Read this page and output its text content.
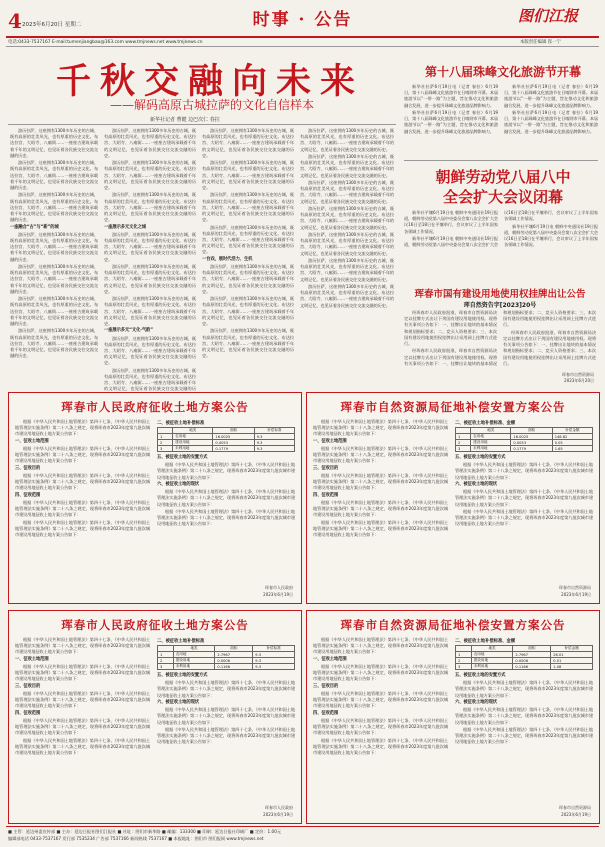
4 2023年6月20日 星期二	时事 · 公告	图们江报
电话:0433-7537167 E-mail:tumenjiangbao@163.com www.tmjnews.net www.tmjnews.cn	本版责任编辑 崔一宁
千秋交融向未来
——解码高原古城拉萨的文化自信样本
新华社记者 曹健 边巴次仁 春拉

游历拉萨，这座拥有1300多年历史的古城，既有高原的壮美风光，也有厚重的历史文化。布达拉宫、大昭寺、八廓街……一座座古建筑承载着千年的文明记忆，也见证着各民族交往交流交融的历史。

游历拉萨，这座拥有1300多年历史的古城，既有高原的壮美风光，也有厚重的历史文化。布达拉宫、大昭寺、八廓街……一座座古建筑承载着千年的文明记忆，也见证着各民族交往交流交融的历史。

游历拉萨，这座拥有1300多年历史的古城，既有高原的壮美风光，也有厚重的历史文化。布达拉宫、大昭寺、八廓街……一座座古建筑承载着千年的文明记忆，也见证着各民族交往交流交融的历史。

一座融合“古”与“新”的城

游历拉萨，这座拥有1300多年历史的古城，既有高原的壮美风光，也有厚重的历史文化。布达拉宫、大昭寺、八廓街……一座座古建筑承载着千年的文明记忆，也见证着各民族交往交流交融的历史。

游历拉萨，这座拥有1300多年历史的古城，既有高原的壮美风光，也有厚重的历史文化。布达拉宫、大昭寺、八廓街……一座座古建筑承载着千年的文明记忆，也见证着各民族交往交流交融的历史。

游历拉萨，这座拥有1300多年历史的古城，既有高原的壮美风光，也有厚重的历史文化。布达拉宫、大昭寺、八廓街……一座座古建筑承载着千年的文明记忆，也见证着各民族交往交流交融的历史。

游历拉萨，这座拥有1300多年历史的古城，既有高原的壮美风光，也有厚重的历史文化。布达拉宫、大昭寺、八廓街……一座座古建筑承载着千年的文明记忆，也见证着各民族交往交流交融的历史。

游历拉萨，这座拥有1300多年历史的古城，既有高原的壮美风光，也有厚重的历史文化。布达拉宫、大昭寺、八廓街……一座座古建筑承载着千年的文明记忆，也见证着各民族交往交流交融的历史。

游历拉萨，这座拥有1300多年历史的古城，既有高原的壮美风光，也有厚重的历史文化。布达拉宫、大昭寺、八廓街……一座座古建筑承载着千年的文明记忆，也见证着各民族交往交流交融的历史。

游历拉萨，这座拥有1300多年历史的古城，既有高原的壮美风光，也有厚重的历史文化。布达拉宫、大昭寺、八廓街……一座座古建筑承载着千年的文明记忆，也见证着各民族交往交流交融的历史。

一座展示多元文化之城

游历拉萨，这座拥有1300多年历史的古城，既有高原的壮美风光，也有厚重的历史文化。布达拉宫、大昭寺、八廓街……一座座古建筑承载着千年的文明记忆，也见证着各民族交往交流交融的历史。

游历拉萨，这座拥有1300多年历史的古城，既有高原的壮美风光，也有厚重的历史文化。布达拉宫、大昭寺、八廓街……一座座古建筑承载着千年的文明记忆，也见证着各民族交往交流交融的历史。

游历拉萨，这座拥有1300多年历史的古城，既有高原的壮美风光，也有厚重的历史文化。布达拉宫、大昭寺、八廓街……一座座古建筑承载着千年的文明记忆，也见证着各民族交往交流交融的历史。

一座展示多元“文化·气韵”

游历拉萨，这座拥有1300多年历史的古城，既有高原的壮美风光，也有厚重的历史文化。布达拉宫、大昭寺、八廓街……一座座古建筑承载着千年的文明记忆，也见证着各民族交往交流交融的历史。

游历拉萨，这座拥有1300多年历史的古城，既有高原的壮美风光，也有厚重的历史文化。布达拉宫、大昭寺、八廓街……一座座古建筑承载着千年的文明记忆，也见证着各民族交往交流交融的历

游历拉萨，这座拥有1300多年历史的古城，既有高原的壮美风光，也有厚重的历史文化。布达拉宫、大昭寺、八廓街……一座座古建筑承载着千年的文明记忆，也见证着各民族交往交流交融的历史。

游历拉萨，这座拥有1300多年历史的古城，既有高原的壮美风光，也有厚重的历史文化。布达拉宫、大昭寺、八廓街……一座座古建筑承载着千年的文明记忆，也见证着各民族交往交流交融的历史。

游历拉萨，这座拥有1300多年历史的古城，既有高原的壮美风光，也有厚重的历史文化。布达拉宫、大昭寺、八廓街……一座座古建筑承载着千年的文明记忆，也见证着各民族交往交流交融的历史。

游历拉萨，这座拥有1300多年历史的古城，既有高原的壮美风光，也有厚重的历史文化。布达拉宫、大昭寺、八廓街……一座座古建筑承载着千年的文明记忆，也见证着各民族交往交流交融的历史。

一台戏，展时代活力、生机

游历拉萨，这座拥有1300多年历史的古城，既有高原的壮美风光，也有厚重的历史文化。布达拉宫、大昭寺、八廓街……一座座古建筑承载着千年的文明记忆，也见证着各民族交往交流交融的历史。

游历拉萨，这座拥有1300多年历史的古城，既有高原的壮美风光，也有厚重的历史文化。布达拉宫、大昭寺、八廓街……一座座古建筑承载着千年的文明记忆，也见证着各民族交往交流交融的历史。

游历拉萨，这座拥有1300多年历史的古城，既有高原的壮美风光，也有厚重的历史文化。布达拉宫、大昭寺、八廓街……一座座古建筑承载着千年的文明记忆，也见证着各民族交往交流交融的历史。

游历拉萨，这座拥有1300多年历史的古城，既有高原的壮美风光，也有厚重的历史文化。布达拉宫、大昭寺、八廓街……一座座古建筑承载着千年的文明记忆，也见证着各民族交往交流交融的历史。

游历拉萨，这座拥有1300多年历史的古城，既有高原的壮美风光，也有厚重的历史文化。布达拉宫、大昭寺、八廓街……一座座古建筑承载着千年的文明记忆，也见证着各民族交往交流交融的历史。

游历拉萨，这座拥有1300多年历史的古城，既有高原的壮美风光，也有厚重的历史文化。布达拉宫、大昭寺、八廓街……一座座古建筑承载着千年的文明记忆，也见证着各民族交往交流交融的历史。

游历拉萨，这座拥有1300多年历史的古城，既有高原的壮美风光，也有厚重的历史文化。布达拉宫、大昭寺、八廓街……一座座古建筑承载着千年的文明记忆，也见证着各民族交往交流交融的历史。

游历拉萨，这座拥有1300多年历史的古城，既有高原的壮美风光，也有厚重的历史文化。布达拉宫、大昭寺、八廓街……一座座古建筑承载着千年的文明记忆，也见证着各民族交往交流交融的历史。

游历拉萨，这座拥有1300多年历史的古城，既有高原的壮美风光，也有厚重的历史文化。布达拉宫、大昭寺、八廓街……一座座古建筑承载着千年的文明记忆，也见证着各民族交往交流交融的历史。

游历拉萨，这座拥有1300多年历史的古城，既有高原的壮美风光，也有厚重的历史文化。布达拉宫、大昭寺、八廓街……一座座古建筑承载着千年的文明记忆，也见证着各民族交往交流交融的历史。

第十八届珠峰文化旅游节开幕

新华社拉萨6月19日电（记者 春拉）6月19日，第十八届珠峰文化旅游节在日喀则市开幕。本届旅游节以“一带一路”为主题，旨在推动文化和旅游融合发展，进一步提升珠峰文化旅游品牌影响力。

新华社拉萨6月19日电（记者 春拉）6月19日，第十八届珠峰文化旅游节在日喀则市开幕。本届旅游节以“一带一路”为主题，旨在推动文化和旅游融合发展，进一步提升珠峰文化旅游品牌影响力。

新华社拉萨6月19日电（记者 春拉）6月19日，第十八届珠峰文化旅游节在日喀则市开幕。本届旅游节以“一带一路”为主题，旨在推动文化和旅游融合发展，进一步提升珠峰文化旅游品牌影响力。

新华社拉萨6月19日电（记者 春拉）6月19日，第十八届珠峰文化旅游节在日喀则市开幕。本届旅游节以“一带一路”为主题，旨在推动文化和旅游融合发展，进一步提升珠峰文化旅游品牌影响力。

朝鲜劳动党八届八中
全会扩大会议闭幕

新华社平壤6月19日电 朝鲜中央通讯社19日报道，朝鲜劳动党第八届中央委员会第八次全会扩大会议16日至18日在平壤举行，会议审议了上半年国家各领域工作情况。

新华社平壤6月19日电 朝鲜中央通讯社19日报道，朝鲜劳动党第八届中央委员会第八次全会扩大会议16日至18日在平壤举行，会议审议了上半年国家各领域工作情况。

新华社平壤6月19日电 朝鲜中央通讯社19日报道，朝鲜劳动党第八届中央委员会第八次全会扩大会议16日至18日在平壤举行，会议审议了上半年国家各领域工作情况。

珲春市国有建设用地使用权挂牌出让公告
珲自然资告字[2023]20号

经珲春市人民政府批准，珲春市自然资源局决定以挂牌方式出让下列国有建设用地使用权。现将有关事项公告如下：一、挂牌出让地块的基本情况和规划指标要求；二、竞买人资格要求；三、本次国有建设用地使用权挂牌出让采用网上挂牌方式进行。

经珲春市人民政府批准，珲春市自然资源局决定以挂牌方式出让下列国有建设用地使用权。现将有关事项公告如下：一、挂牌出让地块的基本情况和规划指标要求；二、竞买人资格要求；三、本次国有建设用地使用权挂牌出让采用网上挂牌方式进行。

经珲春市人民政府批准，珲春市自然资源局决定以挂牌方式出让下列国有建设用地使用权。现将有关事项公告如下：一、挂牌出让地块的基本情况和规划指标要求；二、竞买人资格要求；三、本次国有建设用地使用权挂牌出让采用网上挂牌方式进行。

珲春市自然资源局
2023年6月20日
珲春市人民政府征收土地方案公告

根据《中华人民共和国土地管理法》第四十七条、《中华人民共和国土地管理法实施条例》第二十八条之规定，现将珲春市2023年度第九批次城市建设用地征收土地方案公告如下：

一、征收土地范围

根据《中华人民共和国土地管理法》第四十七条、《中华人民共和国土地管理法实施条例》第二十八条之规定，现将珲春市2023年度第九批次城市建设用地征收土地方案公告如下：

三、征收目的

根据《中华人民共和国土地管理法》第四十七条、《中华人民共和国土地管理法实施条例》第二十八条之规定，现将珲春市2023年度第九批次城市建设用地征收土地方案公告如下：

四、征收范围

根据《中华人民共和国土地管理法》第四十七条、《中华人民共和国土地管理法实施条例》第二十八条之规定，现将珲春市2023年度第九批次城市建设用地征收土地方案公告如下：

根据《中华人民共和国土地管理法》第四十七条、《中华人民共和国土地管理法实施条例》第二十八条之规定，现将珲春市2023年度第九批次城市建设用地征收土地方案公告如下：

二、被征收土地补偿标准
	地类	面积	补偿标准
1	农用地	16.0025	9.3
2	建设用地	0.0053	9.3
3	未利用地	0.1779	9.3
五、被征收土地的安置方式

根据《中华人民共和国土地管理法》第四十七条、《中华人民共和国土地管理法实施条例》第二十八条之规定，现将珲春市2023年度第九批次城市建设用地征收土地方案公告如下：

六、被征收土地的现状

根据《中华人民共和国土地管理法》第四十七条、《中华人民共和国土地管理法实施条例》第二十八条之规定，现将珲春市2023年度第九批次城市建设用地征收土地方案公告如下：

根据《中华人民共和国土地管理法》第四十七条、《中华人民共和国土地管理法实施条例》第二十八条之规定，现将珲春市2023年度第九批次城市建设用地征收土地方案公告如下：

珲春市人民政府
2023年6月19日
珲春市自然资源局征地补偿安置方案公告

根据《中华人民共和国土地管理法》第四十七条、《中华人民共和国土地管理法实施条例》第二十八条之规定，现将珲春市2023年度第九批次城市建设用地征收土地方案公告如下：

一、征收土地范围

根据《中华人民共和国土地管理法》第四十七条、《中华人民共和国土地管理法实施条例》第二十八条之规定，现将珲春市2023年度第九批次城市建设用地征收土地方案公告如下：

三、征收目的

根据《中华人民共和国土地管理法》第四十七条、《中华人民共和国土地管理法实施条例》第二十八条之规定，现将珲春市2023年度第九批次城市建设用地征收土地方案公告如下：

四、征收范围

根据《中华人民共和国土地管理法》第四十七条、《中华人民共和国土地管理法实施条例》第二十八条之规定，现将珲春市2023年度第九批次城市建设用地征收土地方案公告如下：

根据《中华人民共和国土地管理法》第四十七条、《中华人民共和国土地管理法实施条例》第二十八条之规定，现将珲春市2023年度第九批次城市建设用地征收土地方案公告如下：

二、被征收土地补偿标准、金额
	地类	面积	补偿金额
1	农用地	16.0025	148.82
2	建设用地	0.0053	0.05
3	未利用地	0.1779	1.65
五、被征收土地的安置方式

根据《中华人民共和国土地管理法》第四十七条、《中华人民共和国土地管理法实施条例》第二十八条之规定，现将珲春市2023年度第九批次城市建设用地征收土地方案公告如下：

六、被征收土地的现状

根据《中华人民共和国土地管理法》第四十七条、《中华人民共和国土地管理法实施条例》第二十八条之规定，现将珲春市2023年度第九批次城市建设用地征收土地方案公告如下：

根据《中华人民共和国土地管理法》第四十七条、《中华人民共和国土地管理法实施条例》第二十八条之规定，现将珲春市2023年度第九批次城市建设用地征收土地方案公告如下：

珲春市自然资源局
2023年6月19日
珲春市人民政府征收土地方案公告

根据《中华人民共和国土地管理法》第四十七条、《中华人民共和国土地管理法实施条例》第二十八条之规定，现将珲春市2023年度第九批次城市建设用地征收土地方案公告如下：

一、征收土地范围

根据《中华人民共和国土地管理法》第四十七条、《中华人民共和国土地管理法实施条例》第二十八条之规定，现将珲春市2023年度第九批次城市建设用地征收土地方案公告如下：

三、征收目的

根据《中华人民共和国土地管理法》第四十七条、《中华人民共和国土地管理法实施条例》第二十八条之规定，现将珲春市2023年度第九批次城市建设用地征收土地方案公告如下：

四、征收范围

根据《中华人民共和国土地管理法》第四十七条、《中华人民共和国土地管理法实施条例》第二十八条之规定，现将珲春市2023年度第九批次城市建设用地征收土地方案公告如下：

根据《中华人民共和国土地管理法》第四十七条、《中华人民共和国土地管理法实施条例》第二十八条之规定，现将珲春市2023年度第九批次城市建设用地征收土地方案公告如下：

二、被征收土地补偿标准
	地类	面积	补偿标准
1	农用地	2.7967	9.3
2	建设用地	0.0006	9.3
3	未利用地	0.1166	9.3
五、被征收土地的安置方式

根据《中华人民共和国土地管理法》第四十七条、《中华人民共和国土地管理法实施条例》第二十八条之规定，现将珲春市2023年度第九批次城市建设用地征收土地方案公告如下：

六、被征收土地的现状

根据《中华人民共和国土地管理法》第四十七条、《中华人民共和国土地管理法实施条例》第二十八条之规定，现将珲春市2023年度第九批次城市建设用地征收土地方案公告如下：

根据《中华人民共和国土地管理法》第四十七条、《中华人民共和国土地管理法实施条例》第二十八条之规定，现将珲春市2023年度第九批次城市建设用地征收土地方案公告如下：

珲春市人民政府
2023年6月19日
珲春市自然资源局征地补偿安置方案公告

根据《中华人民共和国土地管理法》第四十七条、《中华人民共和国土地管理法实施条例》第二十八条之规定，现将珲春市2023年度第九批次城市建设用地征收土地方案公告如下：

一、征收土地范围

根据《中华人民共和国土地管理法》第四十七条、《中华人民共和国土地管理法实施条例》第二十八条之规定，现将珲春市2023年度第九批次城市建设用地征收土地方案公告如下：

三、征收目的

根据《中华人民共和国土地管理法》第四十七条、《中华人民共和国土地管理法实施条例》第二十八条之规定，现将珲春市2023年度第九批次城市建设用地征收土地方案公告如下：

四、征收范围

根据《中华人民共和国土地管理法》第四十七条、《中华人民共和国土地管理法实施条例》第二十八条之规定，现将珲春市2023年度第九批次城市建设用地征收土地方案公告如下：

根据《中华人民共和国土地管理法》第四十七条、《中华人民共和国土地管理法实施条例》第二十八条之规定，现将珲春市2023年度第九批次城市建设用地征收土地方案公告如下：

二、被征收土地补偿标准、金额
	地类	面积	补偿金额
1	农用地	2.7967	26.01
2	建设用地	0.0006	0.01
3	未利用地	0.1166	1.08
五、被征收土地的安置方式

根据《中华人民共和国土地管理法》第四十七条、《中华人民共和国土地管理法实施条例》第二十八条之规定，现将珲春市2023年度第九批次城市建设用地征收土地方案公告如下：

六、被征收土地的现状

根据《中华人民共和国土地管理法》第四十七条、《中华人民共和国土地管理法实施条例》第二十八条之规定，现将珲春市2023年度第九批次城市建设用地征收土地方案公告如下：

根据《中华人民共和国土地管理法》第四十七条、《中华人民共和国土地管理法实施条例》第二十八条之规定，现将珲春市2023年度第九批次城市建设用地征收土地方案公告如下：

珲春市自然资源局
2023年6月19日
■ 主管：延边州委宣传部 ■ 主办：延边日报社图们江报社 ■ 社址：图们市新华路 ■ 邮编：133300 ■ 印刷：延边日报社印刷厂 ■ 定价：1.00元
编辑部电话 0433-7537167 发行部 7535234 广告部 7537166 新闻热线 7537167 ■ 本报地址：图们市 图们报网 www.tmjnews.net
